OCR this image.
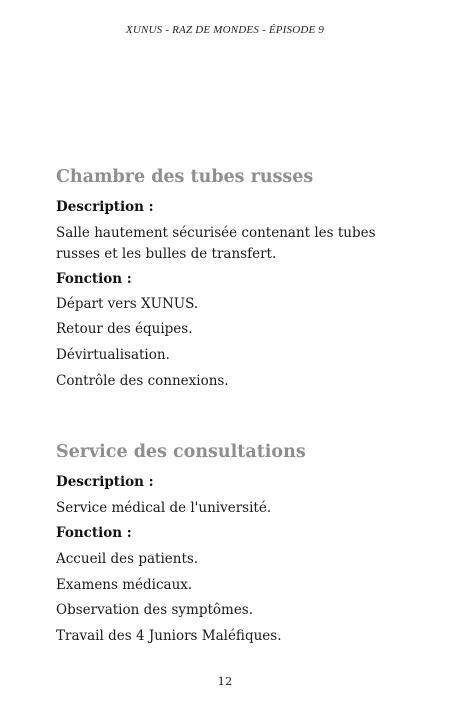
XUNUS - RAZ DE MONDES - ÉPISODE 9
Chambre des tubes russes

Description :

Salle hautement sécurisée contenant les tubes russes et les bulles de transfert.

Fonction :

Départ vers XUNUS.

Retour des équipes.

Dévirtualisation.

Contrôle des connexions.

Service des consultations

Description :

Service médical de l'université.

Fonction :

Accueil des patients.

Examens médicaux.

Observation des symptômes.

Travail des 4 Juniors Maléfiques.

12
